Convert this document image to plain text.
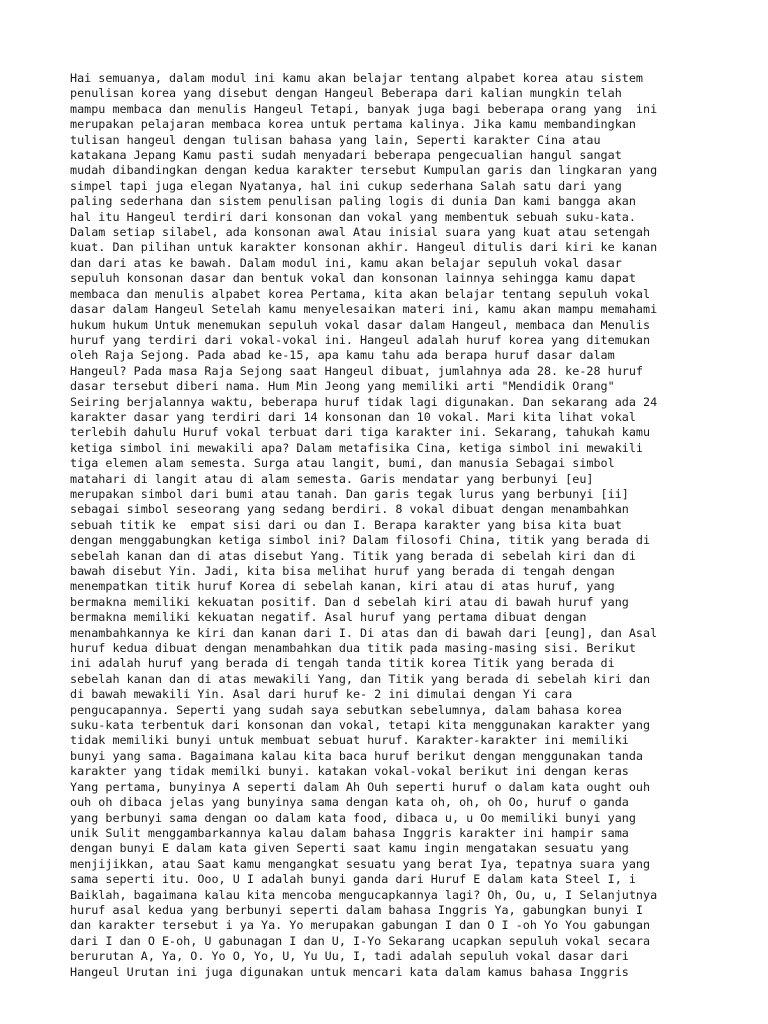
Hai semuanya, dalam modul ini kamu akan belajar tentang alpabet korea atau sistem
penulisan korea yang disebut dengan Hangeul Beberapa dari kalian mungkin telah
mampu membaca dan menulis Hangeul Tetapi, banyak juga bagi beberapa orang yang  ini
merupakan pelajaran membaca korea untuk pertama kalinya. Jika kamu membandingkan
tulisan hangeul dengan tulisan bahasa yang lain, Seperti karakter Cina atau
katakana Jepang Kamu pasti sudah menyadari beberapa pengecualian hangul sangat
mudah dibandingkan dengan kedua karakter tersebut Kumpulan garis dan lingkaran yang
simpel tapi juga elegan Nyatanya, hal ini cukup sederhana Salah satu dari yang
paling sederhana dan sistem penulisan paling logis di dunia Dan kami bangga akan
hal itu Hangeul terdiri dari konsonan dan vokal yang membentuk sebuah suku-kata.
Dalam setiap silabel, ada konsonan awal Atau inisial suara yang kuat atau setengah
kuat. Dan pilihan untuk karakter konsonan akhir. Hangeul ditulis dari kiri ke kanan
dan dari atas ke bawah. Dalam modul ini, kamu akan belajar sepuluh vokal dasar
sepuluh konsonan dasar dan bentuk vokal dan konsonan lainnya sehingga kamu dapat
membaca dan menulis alpabet korea Pertama, kita akan belajar tentang sepuluh vokal
dasar dalam Hangeul Setelah kamu menyelesaikan materi ini, kamu akan mampu memahami
hukum hukum Untuk menemukan sepuluh vokal dasar dalam Hangeul, membaca dan Menulis
huruf yang terdiri dari vokal-vokal ini. Hangeul adalah huruf korea yang ditemukan
oleh Raja Sejong. Pada abad ke-15, apa kamu tahu ada berapa huruf dasar dalam
Hangeul? Pada masa Raja Sejong saat Hangeul dibuat, jumlahnya ada 28. ke-28 huruf
dasar tersebut diberi nama. Hum Min Jeong yang memiliki arti "Mendidik Orang"
Seiring berjalannya waktu, beberapa huruf tidak lagi digunakan. Dan sekarang ada 24
karakter dasar yang terdiri dari 14 konsonan dan 10 vokal. Mari kita lihat vokal
terlebih dahulu Huruf vokal terbuat dari tiga karakter ini. Sekarang, tahukah kamu
ketiga simbol ini mewakili apa? Dalam metafisika Cina, ketiga simbol ini mewakili
tiga elemen alam semesta. Surga atau langit, bumi, dan manusia Sebagai simbol
matahari di langit atau di alam semesta. Garis mendatar yang berbunyi [eu]
merupakan simbol dari bumi atau tanah. Dan garis tegak lurus yang berbunyi [ii]
sebagai simbol seseorang yang sedang berdiri. 8 vokal dibuat dengan menambahkan
sebuah titik ke  empat sisi dari ou dan I. Berapa karakter yang bisa kita buat
dengan menggabungkan ketiga simbol ini? Dalam filosofi China, titik yang berada di
sebelah kanan dan di atas disebut Yang. Titik yang berada di sebelah kiri dan di
bawah disebut Yin. Jadi, kita bisa melihat huruf yang berada di tengah dengan
menempatkan titik huruf Korea di sebelah kanan, kiri atau di atas huruf, yang
bermakna memiliki kekuatan positif. Dan d sebelah kiri atau di bawah huruf yang
bermakna memiliki kekuatan negatif. Asal huruf yang pertama dibuat dengan
menambahkannya ke kiri dan kanan dari I. Di atas dan di bawah dari [eung], dan Asal
huruf kedua dibuat dengan menambahkan dua titik pada masing-masing sisi. Berikut
ini adalah huruf yang berada di tengah tanda titik korea Titik yang berada di
sebelah kanan dan di atas mewakili Yang, dan Titik yang berada di sebelah kiri dan
di bawah mewakili Yin. Asal dari huruf ke- 2 ini dimulai dengan Yi cara
pengucapannya. Seperti yang sudah saya sebutkan sebelumnya, dalam bahasa korea
suku-kata terbentuk dari konsonan dan vokal, tetapi kita menggunakan karakter yang
tidak memiliki bunyi untuk membuat sebuat huruf. Karakter-karakter ini memiliki
bunyi yang sama. Bagaimana kalau kita baca huruf berikut dengan menggunakan tanda
karakter yang tidak memilki bunyi. katakan vokal-vokal berikut ini dengan keras
Yang pertama, bunyinya A seperti dalam Ah Ouh seperti huruf o dalam kata ought ouh
ouh oh dibaca jelas yang bunyinya sama dengan kata oh, oh, oh Oo, huruf o ganda
yang berbunyi sama dengan oo dalam kata food, dibaca u, u Oo memiliki bunyi yang
unik Sulit menggambarkannya kalau dalam bahasa Inggris karakter ini hampir sama
dengan bunyi E dalam kata given Seperti saat kamu ingin mengatakan sesuatu yang
menjijikkan, atau Saat kamu mengangkat sesuatu yang berat Iya, tepatnya suara yang
sama seperti itu. Ooo, U I adalah bunyi ganda dari Huruf E dalam kata Steel I, i
Baiklah, bagaimana kalau kita mencoba mengucapkannya lagi? Oh, Ou, u, I Selanjutnya
huruf asal kedua yang berbunyi seperti dalam bahasa Inggris Ya, gabungkan bunyi I
dan karakter tersebut i ya Ya. Yo merupakan gabungan I dan O I -oh Yo You gabungan
dari I dan O E-oh, U gabunagan I dan U, I-Yo Sekarang ucapkan sepuluh vokal secara
berurutan A, Ya, O. Yo O, Yo, U, Yu Uu, I, tadi adalah sepuluh vokal dasar dari
Hangeul Urutan ini juga digunakan untuk mencari kata dalam kamus bahasa Inggris
